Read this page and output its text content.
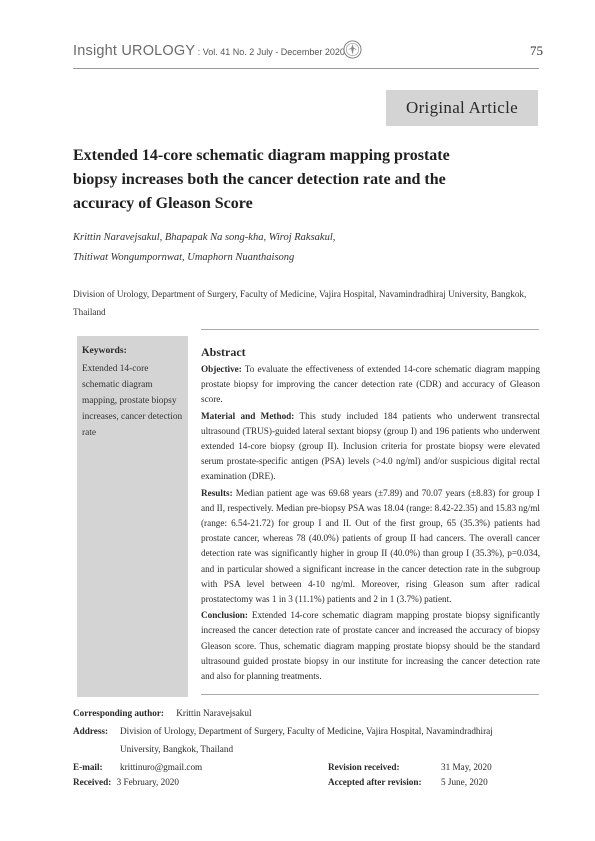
Insight UROLOGY : Vol. 41 No. 2 July - December 2020	75
Original Article
Extended 14-core schematic diagram mapping prostate
biopsy increases both the cancer detection rate and the
accuracy of Gleason Score
Krittin Naravejsakul, Bhapapak Na song-kha, Wiroj Raksakul,
Thitiwat Wongumpornwat, Umaphorn Nuanthaisong
Division of Urology, Department of Surgery, Faculty of Medicine, Vajira Hospital, Navamindradhiraj University, Bangkok, Thailand
Keywords:
Extended 14-core schematic diagram mapping, prostate biopsy increases, cancer detection rate
Abstract

Objective: To evaluate the effectiveness of extended 14-core schematic diagram mapping prostate biopsy for improving the cancer detection rate (CDR) and accuracy of Gleason score.

Material and Method: This study included 184 patients who underwent transrectal ultrasound (TRUS)-guided lateral sextant biopsy (group I) and 196 patients who underwent extended 14-core biopsy (group II). Inclusion criteria for prostate biopsy were elevated serum prostate-specific antigen (PSA) levels (>4.0 ng/ml) and/or suspicious digital rectal examination (DRE).

Results: Median patient age was 69.68 years (±7.89) and 70.07 years (±8.83) for group I and II, respectively. Median pre-biopsy PSA was 18.04 (range: 8.42-22.35) and 15.83 ng/ml (range: 6.54-21.72) for group I and II. Out of the first group, 65 (35.3%) patients had prostate cancer, whereas 78 (40.0%) patients of group II had cancers. The overall cancer detection rate was significantly higher in group II (40.0%) than group I (35.3%), p=0.034, and in particular showed a significant increase in the cancer detection rate in the subgroup with PSA level between 4-10 ng/ml. Moreover, rising Gleason sum after radical prostatectomy was 1 in 3 (11.1%) patients and 2 in 1 (3.7%) patient.

Conclusion: Extended 14-core schematic diagram mapping prostate biopsy significantly increased the cancer detection rate of prostate cancer and increased the accuracy of biopsy Gleason score. Thus, schematic diagram mapping prostate biopsy should be the standard ultrasound guided prostate biopsy in our institute for increasing the cancer detection rate and also for planning treatments.

Corresponding author: Krittin Naravejsakul
Address: Division of Urology, Department of Surgery, Faculty of Medicine, Vajira Hospital, Navamindradhiraj
University, Bangkok, Thailand
E-mail: krittinuro@gmail.com	Revision received:	31 May, 2020
Received: 3 February, 2020	Accepted after revision: 5 June, 2020
